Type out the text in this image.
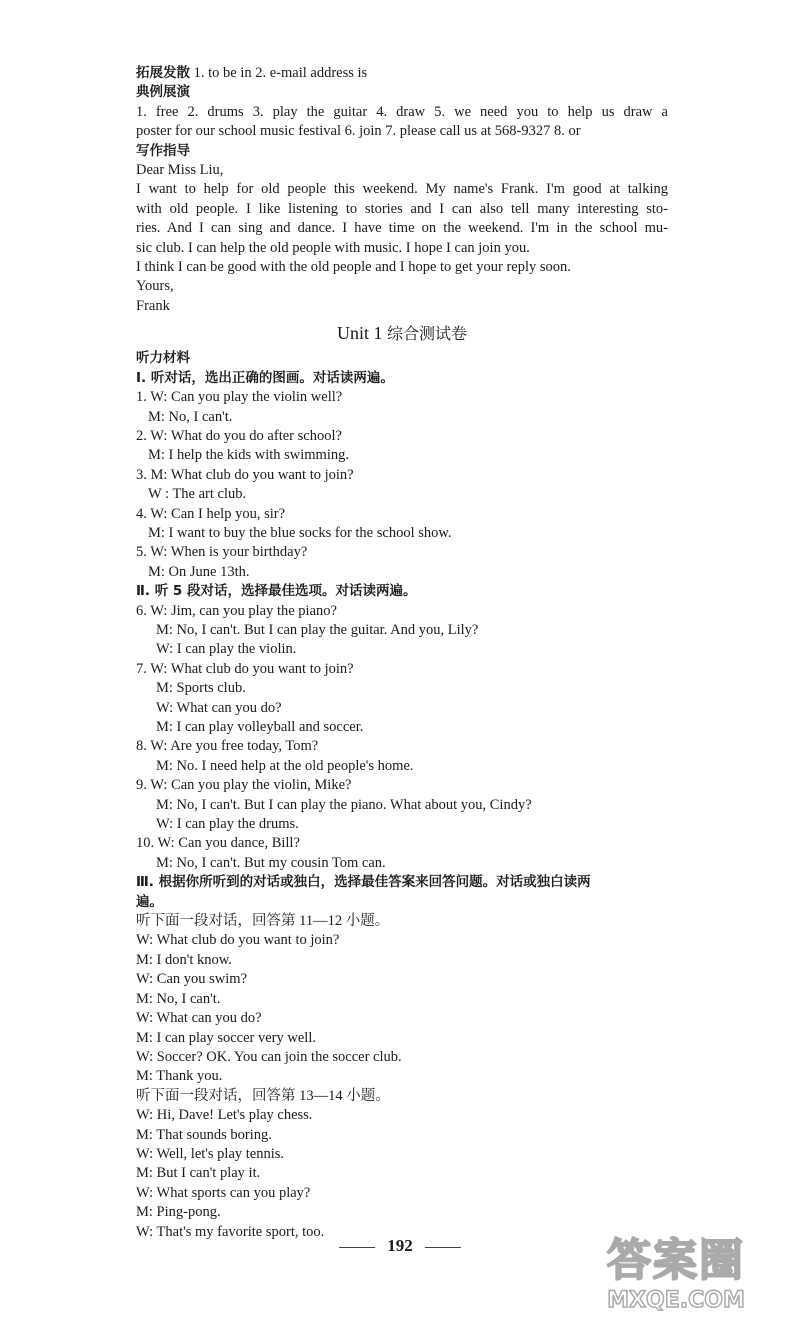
拓展发散 1. to be in 2. e-mail address is
典例展演
1. free 2. drums 3. play the guitar 4. draw 5. we need you to help us draw a
poster for our school music festival 6. join 7. please call us at 568-9327 8. or
写作指导
Dear Miss Liu,
I want to help for old people this weekend. My name's Frank. I'm good at talking
with old people. I like listening to stories and I can also tell many interesting sto-
ries. And I can sing and dance. I have time on the weekend. I'm in the school mu-
sic club. I can help the old people with music. I hope I can join you.
I think I can be good with the old people and I hope to get your reply soon.
Yours,
Frank
Unit 1 综合测试卷
听力材料
Ⅰ. 听对话，选出正确的图画。对话读两遍。
1. W: Can you play the violin well?
M: No, I can't.
2. W: What do you do after school?
M: I help the kids with swimming.
3. M: What club do you want to join?
W : The art club.
4. W: Can I help you, sir?
M: I want to buy the blue socks for the school show.
5. W: When is your birthday?
M: On June 13th.
Ⅱ. 听 5 段对话，选择最佳选项。对话读两遍。
6. W: Jim, can you play the piano?
M: No, I can't. But I can play the guitar. And you, Lily?
W: I can play the violin.
7. W: What club do you want to join?
M: Sports club.
W: What can you do?
M: I can play volleyball and soccer.
8. W: Are you free today, Tom?
M: No. I need help at the old people's home.
9. W: Can you play the violin, Mike?
M: No, I can't. But I can play the piano. What about you, Cindy?
W: I can play the drums.
10. W: Can you dance, Bill?
M: No, I can't. But my cousin Tom can.
Ⅲ. 根据你所听到的对话或独白，选择最佳答案来回答问题。对话或独白读两
遍。
听下面一段对话，回答第 11—12 小题。
W: What club do you want to join?
M: I don't know.
W: Can you swim?
M: No, I can't.
W: What can you do?
M: I can play soccer very well.
W: Soccer? OK. You can join the soccer club.
M: Thank you.
听下面一段对话，回答第 13—14 小题。
W: Hi, Dave! Let's play chess.
M: That sounds boring.
W: Well, let's play tennis.
M: But I can't play it.
W: What sports can you play?
M: Ping-pong.
W: That's my favorite sport, too.
192	答案圈
MXQE.COM
